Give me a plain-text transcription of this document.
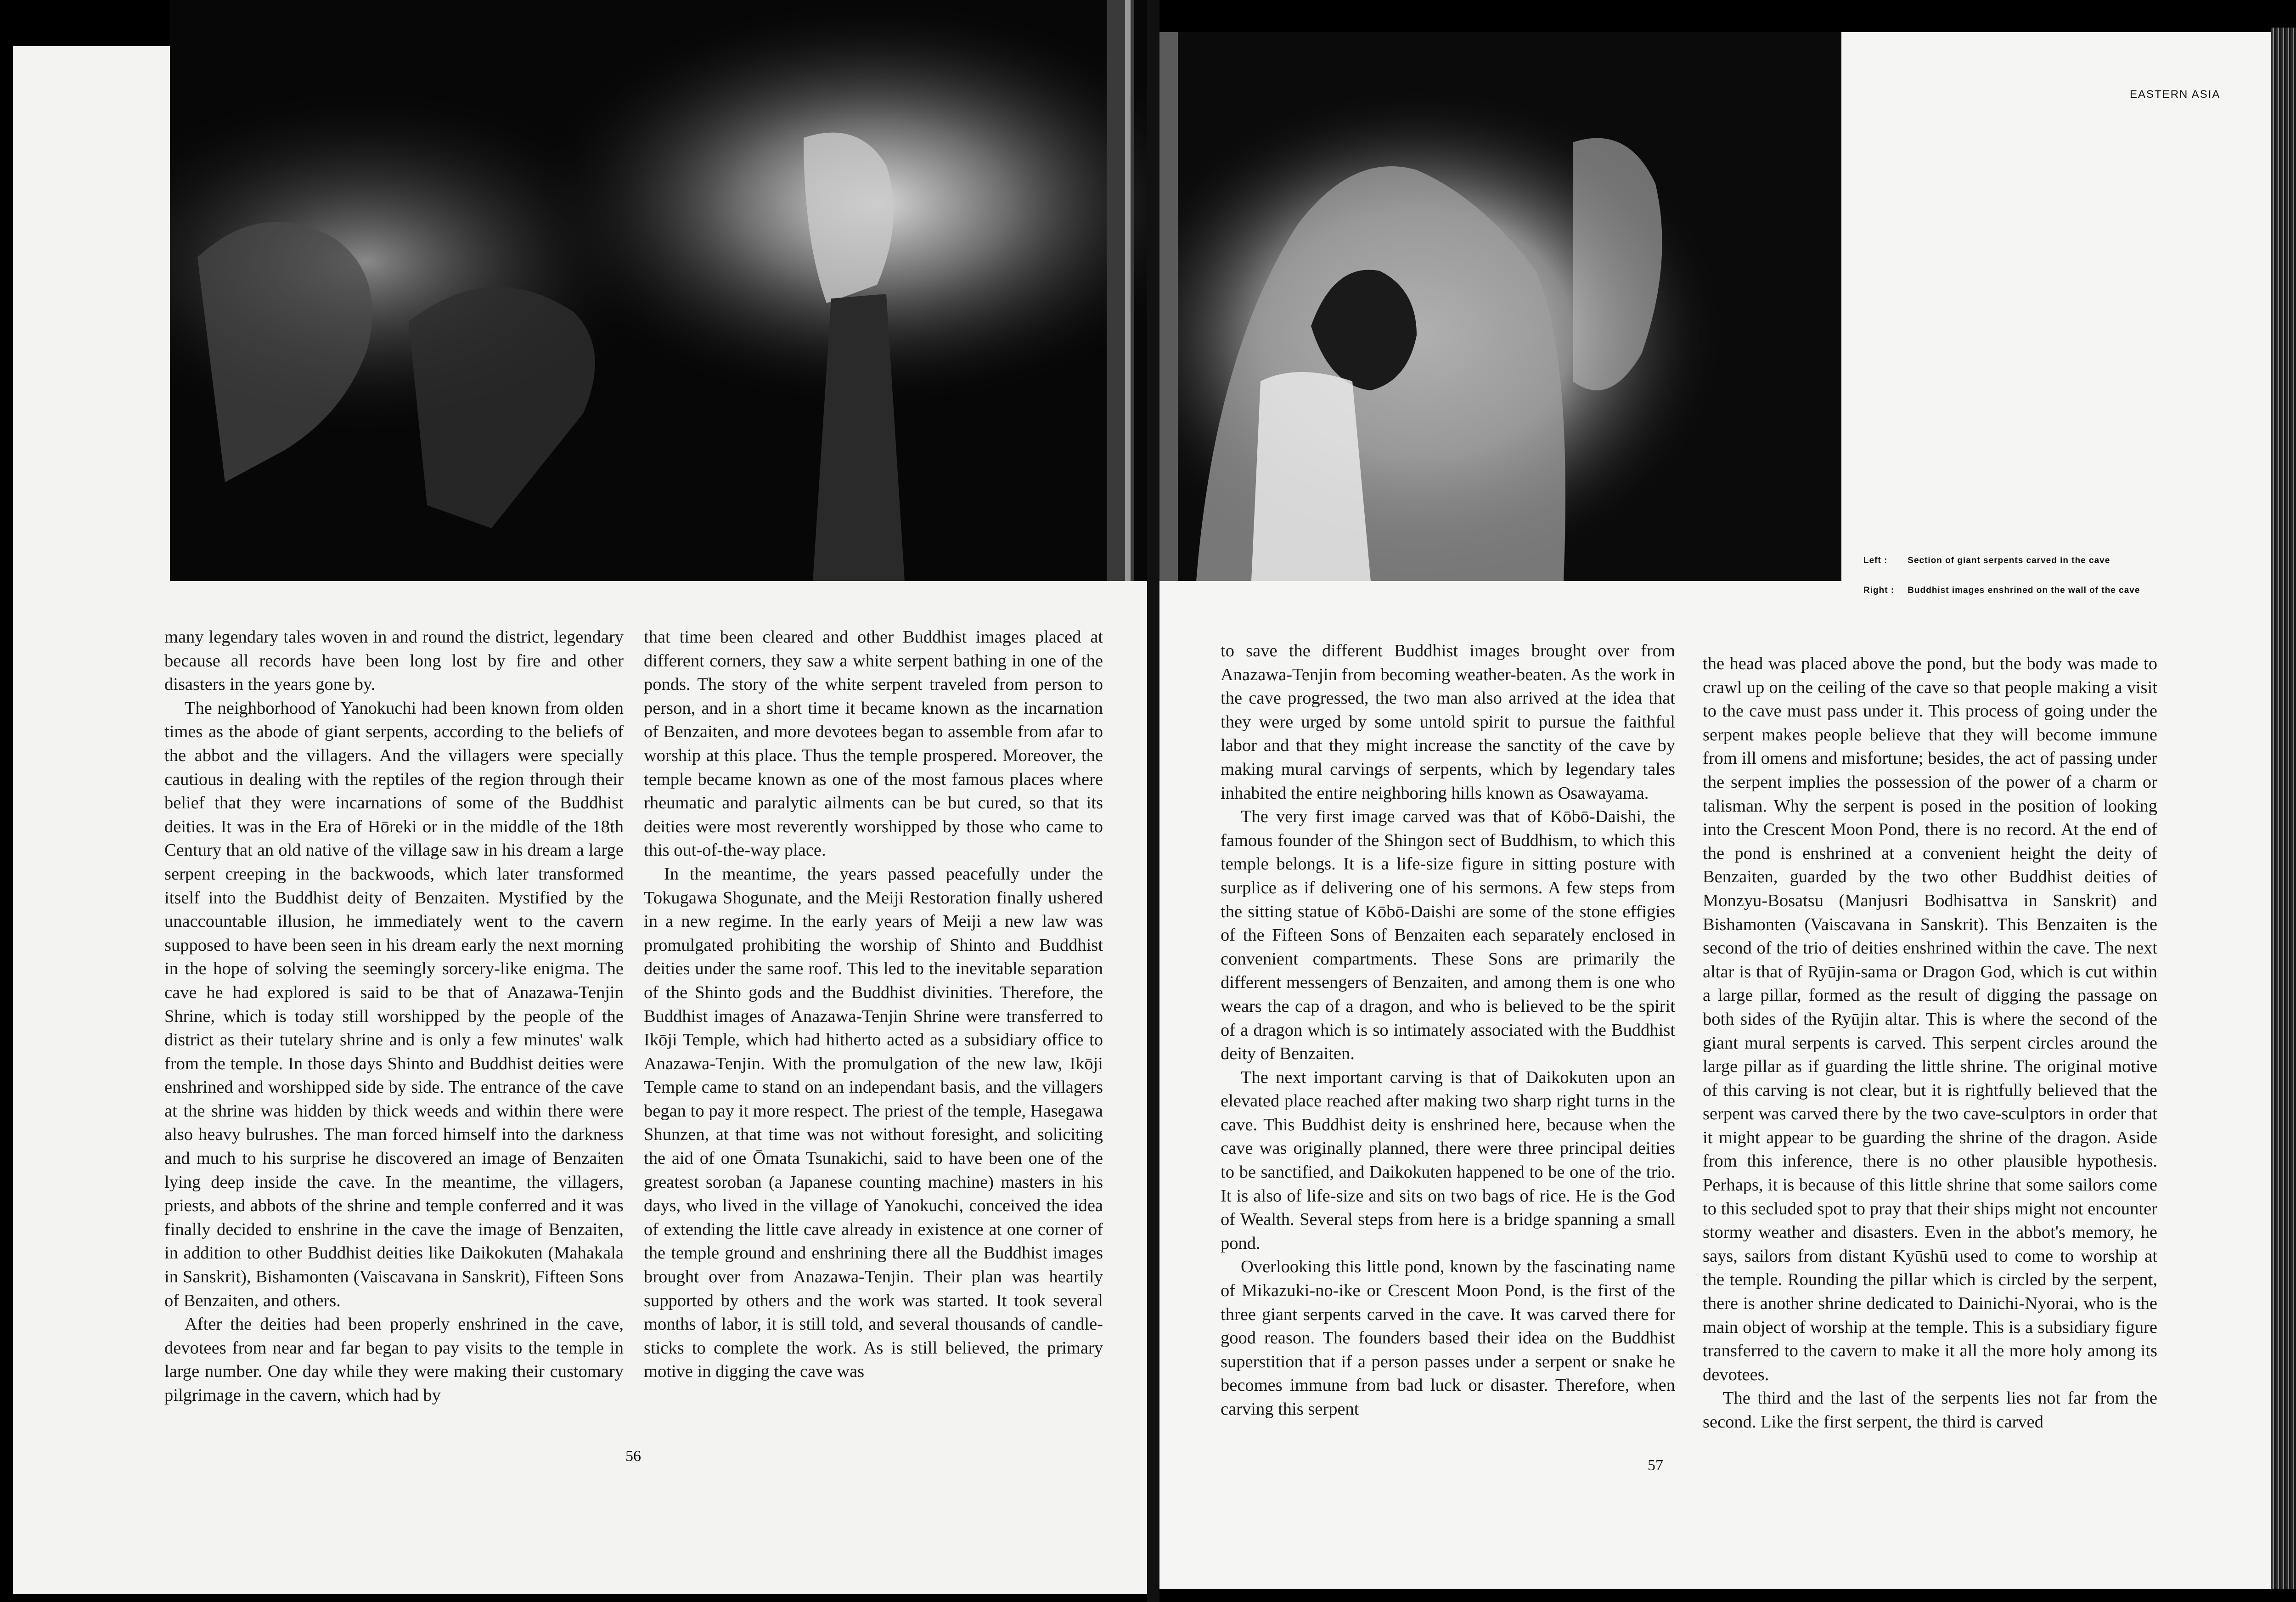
EASTERN ASIA
Left : Section of giant serpents carved in the cave
Right : Buddhist images enshrined on the wall of the cave

many legendary tales woven in and round the district, legendary because all records have been long lost by fire and other disasters in the years gone by.

The neighborhood of Yanokuchi had been known from olden times as the abode of giant serpents, according to the beliefs of the abbot and the villagers. And the villagers were specially cautious in dealing with the reptiles of the region through their belief that they were incarnations of some of the Buddhist deities. It was in the Era of Hōreki or in the middle of the 18th Century that an old native of the village saw in his dream a large serpent creeping in the backwoods, which later transformed itself into the Buddhist deity of Benzaiten. Mystified by the unaccountable illusion, he immediately went to the cavern supposed to have been seen in his dream early the next morning in the hope of solving the seemingly sorcery-like enigma. The cave he had explored is said to be that of Anazawa-Tenjin Shrine, which is today still worshipped by the people of the district as their tutelary shrine and is only a few minutes' walk from the temple. In those days Shinto and Buddhist deities were enshrined and worshipped side by side. The entrance of the cave at the shrine was hidden by thick weeds and within there were also heavy bulrushes. The man forced himself into the darkness and much to his surprise he discovered an image of Benzaiten lying deep inside the cave. In the meantime, the villagers, priests, and abbots of the shrine and temple conferred and it was finally decided to enshrine in the cave the image of Benzaiten, in addition to other Buddhist deities like Daikokuten (Mahakala in Sanskrit), Bishamonten (Vaiscavana in Sanskrit), Fifteen Sons of Benzaiten, and others.

After the deities had been properly enshrined in the cave, devotees from near and far began to pay visits to the temple in large number. One day while they were making their customary pilgrimage in the cavern, which had by

that time been cleared and other Buddhist images placed at different corners, they saw a white serpent bathing in one of the ponds. The story of the white serpent traveled from person to person, and in a short time it became known as the incarnation of Benzaiten, and more devotees began to assemble from afar to worship at this place. Thus the temple prospered. Moreover, the temple became known as one of the most famous places where rheumatic and paralytic ailments can be but cured, so that its deities were most reverently worshipped by those who came to this out-of-the-way place.

In the meantime, the years passed peacefully under the Tokugawa Shogunate, and the Meiji Restoration finally ushered in a new regime. In the early years of Meiji a new law was promulgated prohibiting the worship of Shinto and Buddhist deities under the same roof. This led to the inevitable separation of the Shinto gods and the Buddhist divinities. Therefore, the Buddhist images of Anazawa-Tenjin Shrine were transferred to Ikōji Temple, which had hitherto acted as a subsidiary office to Anazawa-Tenjin. With the promulgation of the new law, Ikōji Temple came to stand on an independant basis, and the villagers began to pay it more respect. The priest of the temple, Hasegawa Shunzen, at that time was not without foresight, and soliciting the aid of one Ōmata Tsunakichi, said to have been one of the greatest soroban (a Japanese counting machine) masters in his days, who lived in the village of Yanokuchi, conceived the idea of extending the little cave already in existence at one corner of the temple ground and enshrining there all the Buddhist images brought over from Anazawa-Tenjin. Their plan was heartily supported by others and the work was started. It took several months of labor, it is still told, and several thousands of candle-sticks to complete the work. As is still believed, the primary motive in digging the cave was

to save the different Buddhist images brought over from Anazawa-Tenjin from becoming weather-beaten. As the work in the cave progressed, the two man also arrived at the idea that they were urged by some untold spirit to pursue the faithful labor and that they might increase the sanctity of the cave by making mural carvings of serpents, which by legendary tales inhabited the entire neighboring hills known as Osawayama.

The very first image carved was that of Kōbō-Daishi, the famous founder of the Shingon sect of Buddhism, to which this temple belongs. It is a life-size figure in sitting posture with surplice as if delivering one of his sermons. A few steps from the sitting statue of Kōbō-Daishi are some of the stone effigies of the Fifteen Sons of Benzaiten each separately enclosed in convenient compartments. These Sons are primarily the different messengers of Benzaiten, and among them is one who wears the cap of a dragon, and who is believed to be the spirit of a dragon which is so intimately associated with the Buddhist deity of Benzaiten.

The next important carving is that of Daikokuten upon an elevated place reached after making two sharp right turns in the cave. This Buddhist deity is enshrined here, because when the cave was originally planned, there were three principal deities to be sanctified, and Daikokuten happened to be one of the trio. It is also of life-size and sits on two bags of rice. He is the God of Wealth. Several steps from here is a bridge spanning a small pond.

Overlooking this little pond, known by the fascinating name of Mikazuki-no-ike or Crescent Moon Pond, is the first of the three giant serpents carved in the cave. It was carved there for good reason. The founders based their idea on the Buddhist superstition that if a person passes under a serpent or snake he becomes immune from bad luck or disaster. Therefore, when carving this serpent

the head was placed above the pond, but the body was made to crawl up on the ceiling of the cave so that people making a visit to the cave must pass under it. This process of going under the serpent makes people believe that they will become immune from ill omens and misfortune; besides, the act of passing under the serpent implies the possession of the power of a charm or talisman. Why the serpent is posed in the position of looking into the Crescent Moon Pond, there is no record. At the end of the pond is enshrined at a convenient height the deity of Benzaiten, guarded by the two other Buddhist deities of Monzyu-Bosatsu (Manjusri Bodhisattva in Sanskrit) and Bishamonten (Vaiscavana in Sanskrit). This Benzaiten is the second of the trio of deities enshrined within the cave. The next altar is that of Ryūjin-sama or Dragon God, which is cut within a large pillar, formed as the result of digging the passage on both sides of the Ryūjin altar. This is where the second of the giant mural serpents is carved. This serpent circles around the large pillar as if guarding the little shrine. The original motive of this carving is not clear, but it is rightfully believed that the serpent was carved there by the two cave-sculptors in order that it might appear to be guarding the shrine of the dragon. Aside from this inference, there is no other plausible hypothesis. Perhaps, it is because of this little shrine that some sailors come to this secluded spot to pray that their ships might not encounter stormy weather and disasters. Even in the abbot's memory, he says, sailors from distant Kyūshū used to come to worship at the temple. Rounding the pillar which is circled by the serpent, there is another shrine dedicated to Dainichi-Nyorai, who is the main object of worship at the temple. This is a subsidiary figure transferred to the cavern to make it all the more holy among its devotees.

The third and the last of the serpents lies not far from the second. Like the first serpent, the third is carved

56
57
